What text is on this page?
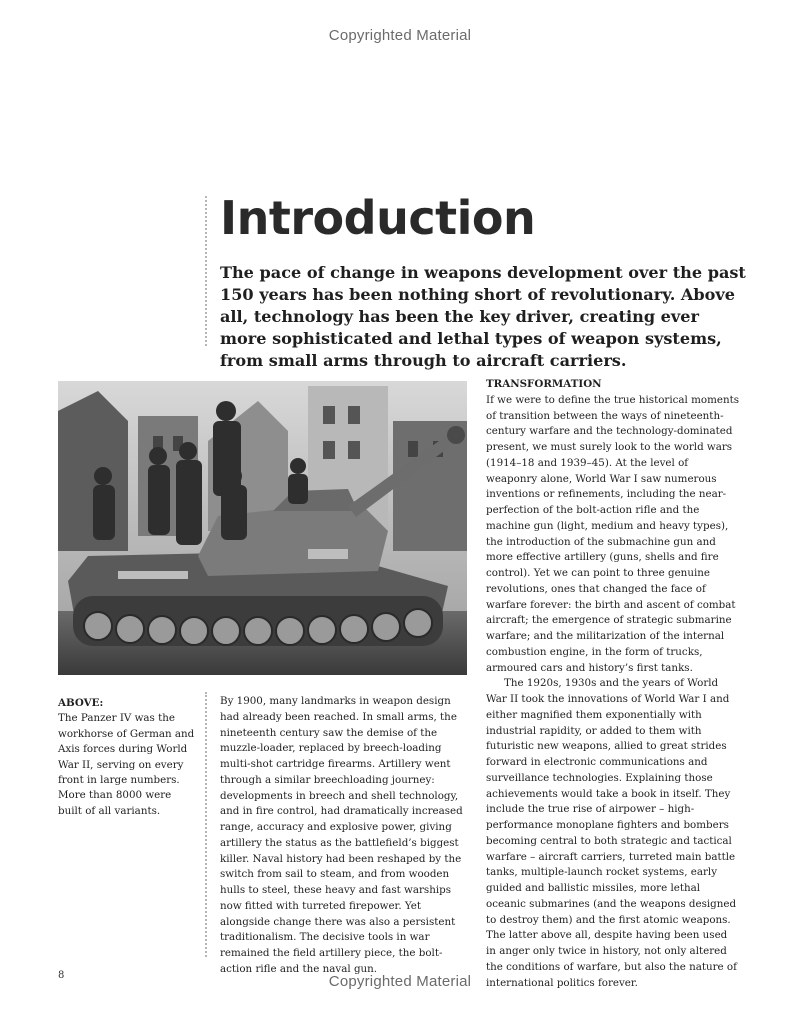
Copyrighted Material
Introduction

The pace of change in weapons development over the past 150 years has been nothing short of revolutionary. Above all, technology has been the key driver, creating ever more sophisticated and lethal types of weapon systems, from small arms through to aircraft carriers.

ABOVE:
The Panzer IV was the workhorse of German and Axis forces during World War II, serving on every front in large numbers. More than 8000 were built of all variants.

By 1900, many landmarks in weapon design had already been reached. In small arms, the nineteenth century saw the demise of the muzzle-loader, replaced by breech-loading multi-shot cartridge firearms. Artillery went through a similar breechloading journey: developments in breech and shell technology, and in fire control, had dramatically increased range, accuracy and explosive power, giving artillery the status as the battlefield’s biggest killer. Naval history had been reshaped by the switch from sail to steam, and from wooden hulls to steel, these heavy and fast warships now fitted with turreted firepower. Yet alongside change there was also a persistent traditionalism. The decisive tools in war remained the field artillery piece, the bolt-action rifle and the naval gun.

TRANSFORMATION

If we were to define the true historical moments of transition between the ways of nineteenth-century warfare and the technology-dominated present, we must surely look to the world wars (1914–18 and 1939–45). At the level of weaponry alone, World War I saw numerous inventions or refinements, including the near-perfection of the bolt-action rifle and the machine gun (light, medium and heavy types), the introduction of the submachine gun and more effective artillery (guns, shells and fire control). Yet we can point to three genuine revolutions, ones that changed the face of warfare forever: the birth and ascent of combat aircraft; the emergence of strategic submarine warfare; and the militarization of the internal combustion engine, in the form of trucks, armoured cars and history’s first tanks.

The 1920s, 1930s and the years of World War II took the innovations of World War I and either magnified them exponentially with industrial rapidity, or added to them with futuristic new weapons, allied to great strides forward in electronic communications and surveillance technologies. Explaining those achievements would take a book in itself. They include the true rise of airpower – high-performance monoplane fighters and bombers becoming central to both strategic and tactical warfare – aircraft carriers, turreted main battle tanks, multiple-launch rocket systems, early guided and ballistic missiles, more lethal oceanic submarines (and the weapons designed to destroy them) and the first atomic weapons. The latter above all, despite having been used in anger only twice in history, not only altered the conditions of warfare, but also the nature of international politics forever.

8	Copyrighted Material
